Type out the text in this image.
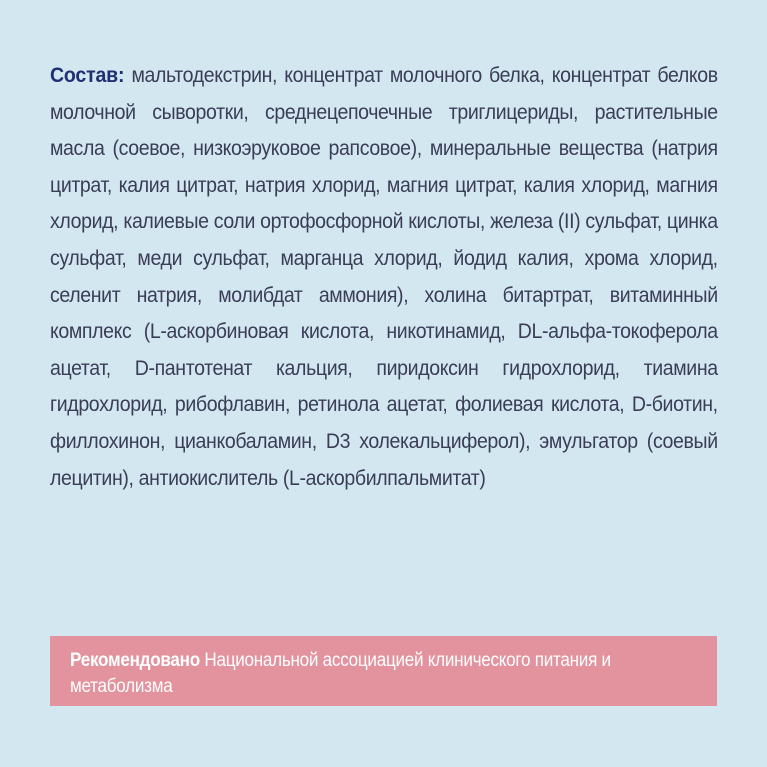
Состав: мальтодекстрин, концентрат молочного белка, концентрат белков молочной сыворотки, среднецепочечные триглицериды, растительные масла (соевое, низкоэруковое рапсовое), минеральные вещества (натрия цитрат, калия цитрат, натрия хлорид, магния цитрат, калия хлорид, магния хлорид, калиевые соли ортофосфорной кислоты, железа (II) сульфат, цинка сульфат, меди сульфат, марганца хлорид, йодид калия, хрома хлорид, селенит натрия, молибдат аммония), холина битартрат, витаминный комплекс (L-аскорбиновая кислота, никотинамид, DL-альфа-токоферола ацетат, D-пантотенат кальция, пиридоксин гидрохлорид, тиамина гидрохлорид, рибофлавин, ретинола ацетат, фолиевая кислота, D-биотин, филлохинон, цианкобаламин, D3 холекальциферол), эмульгатор (соевый лецитин), антиокислитель (L-аскорбилпальмитат)
Рекомендовано Национальной ассоциацией клинического питания и метаболизма
